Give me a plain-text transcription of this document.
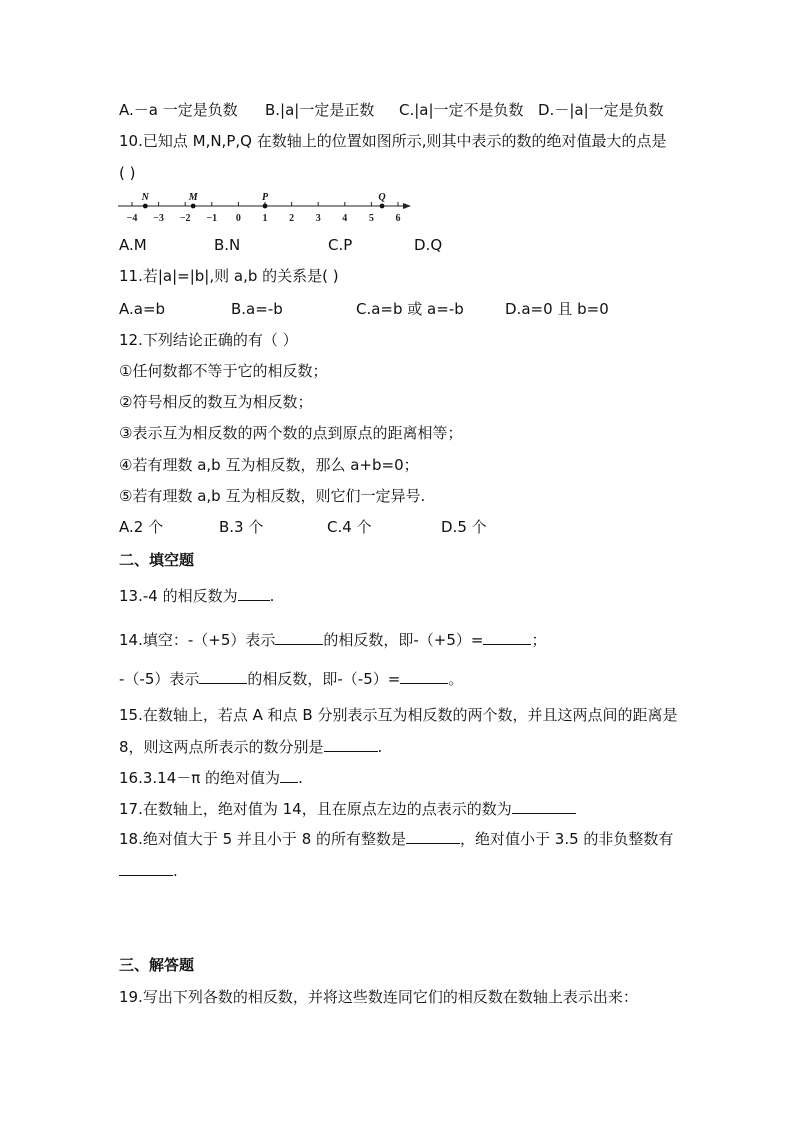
A.－a 一定是负数 B.|a|一定是正数 C.|a|一定不是负数 D.－|a|一定是负数
10.已知点 M,N,P,Q 在数轴上的位置如图所示,则其中表示的数的绝对值最大的点是
( )
−4 −3 −2 −1 0 1 2 3 4 5 6
N	M	P	Q
A.M	B.N	C.P	D.Q
11.若|a|=|b|,则 a,b 的关系是( )
A.a=b	B.a=-b	C.a=b 或 a=-b	D.a=0 且 b=0
12.下列结论正确的有（ ）
①任何数都不等于它的相反数；
②符号相反的数互为相反数；
③表示互为相反数的两个数的点到原点的距离相等；
④若有理数 a,b 互为相反数，那么 a+b=0；
⑤若有理数 a,b 互为相反数，则它们一定异号.
A.2 个	B.3 个	C.4 个	D.5 个
二、填空题
13.-4 的相反数为 .
14.填空：-（+5）表示	的相反数，即-（+5）=	；
-（-5）表示	的相反数，即-（-5）=	。
15.在数轴上，若点 A 和点 B 分别表示互为相反数的两个数，并且这两点间的距离是
8，则这两点所表示的数分别是	.
16.3.14－π 的绝对值为 .
17.在数轴上，绝对值为 14，且在原点左边的点表示的数为
18.绝对值大于 5 并且小于 8 的所有整数是	，绝对值小于 3.5 的非负整数有
.
三、解答题
19.写出下列各数的相反数，并将这些数连同它们的相反数在数轴上表示出来：
